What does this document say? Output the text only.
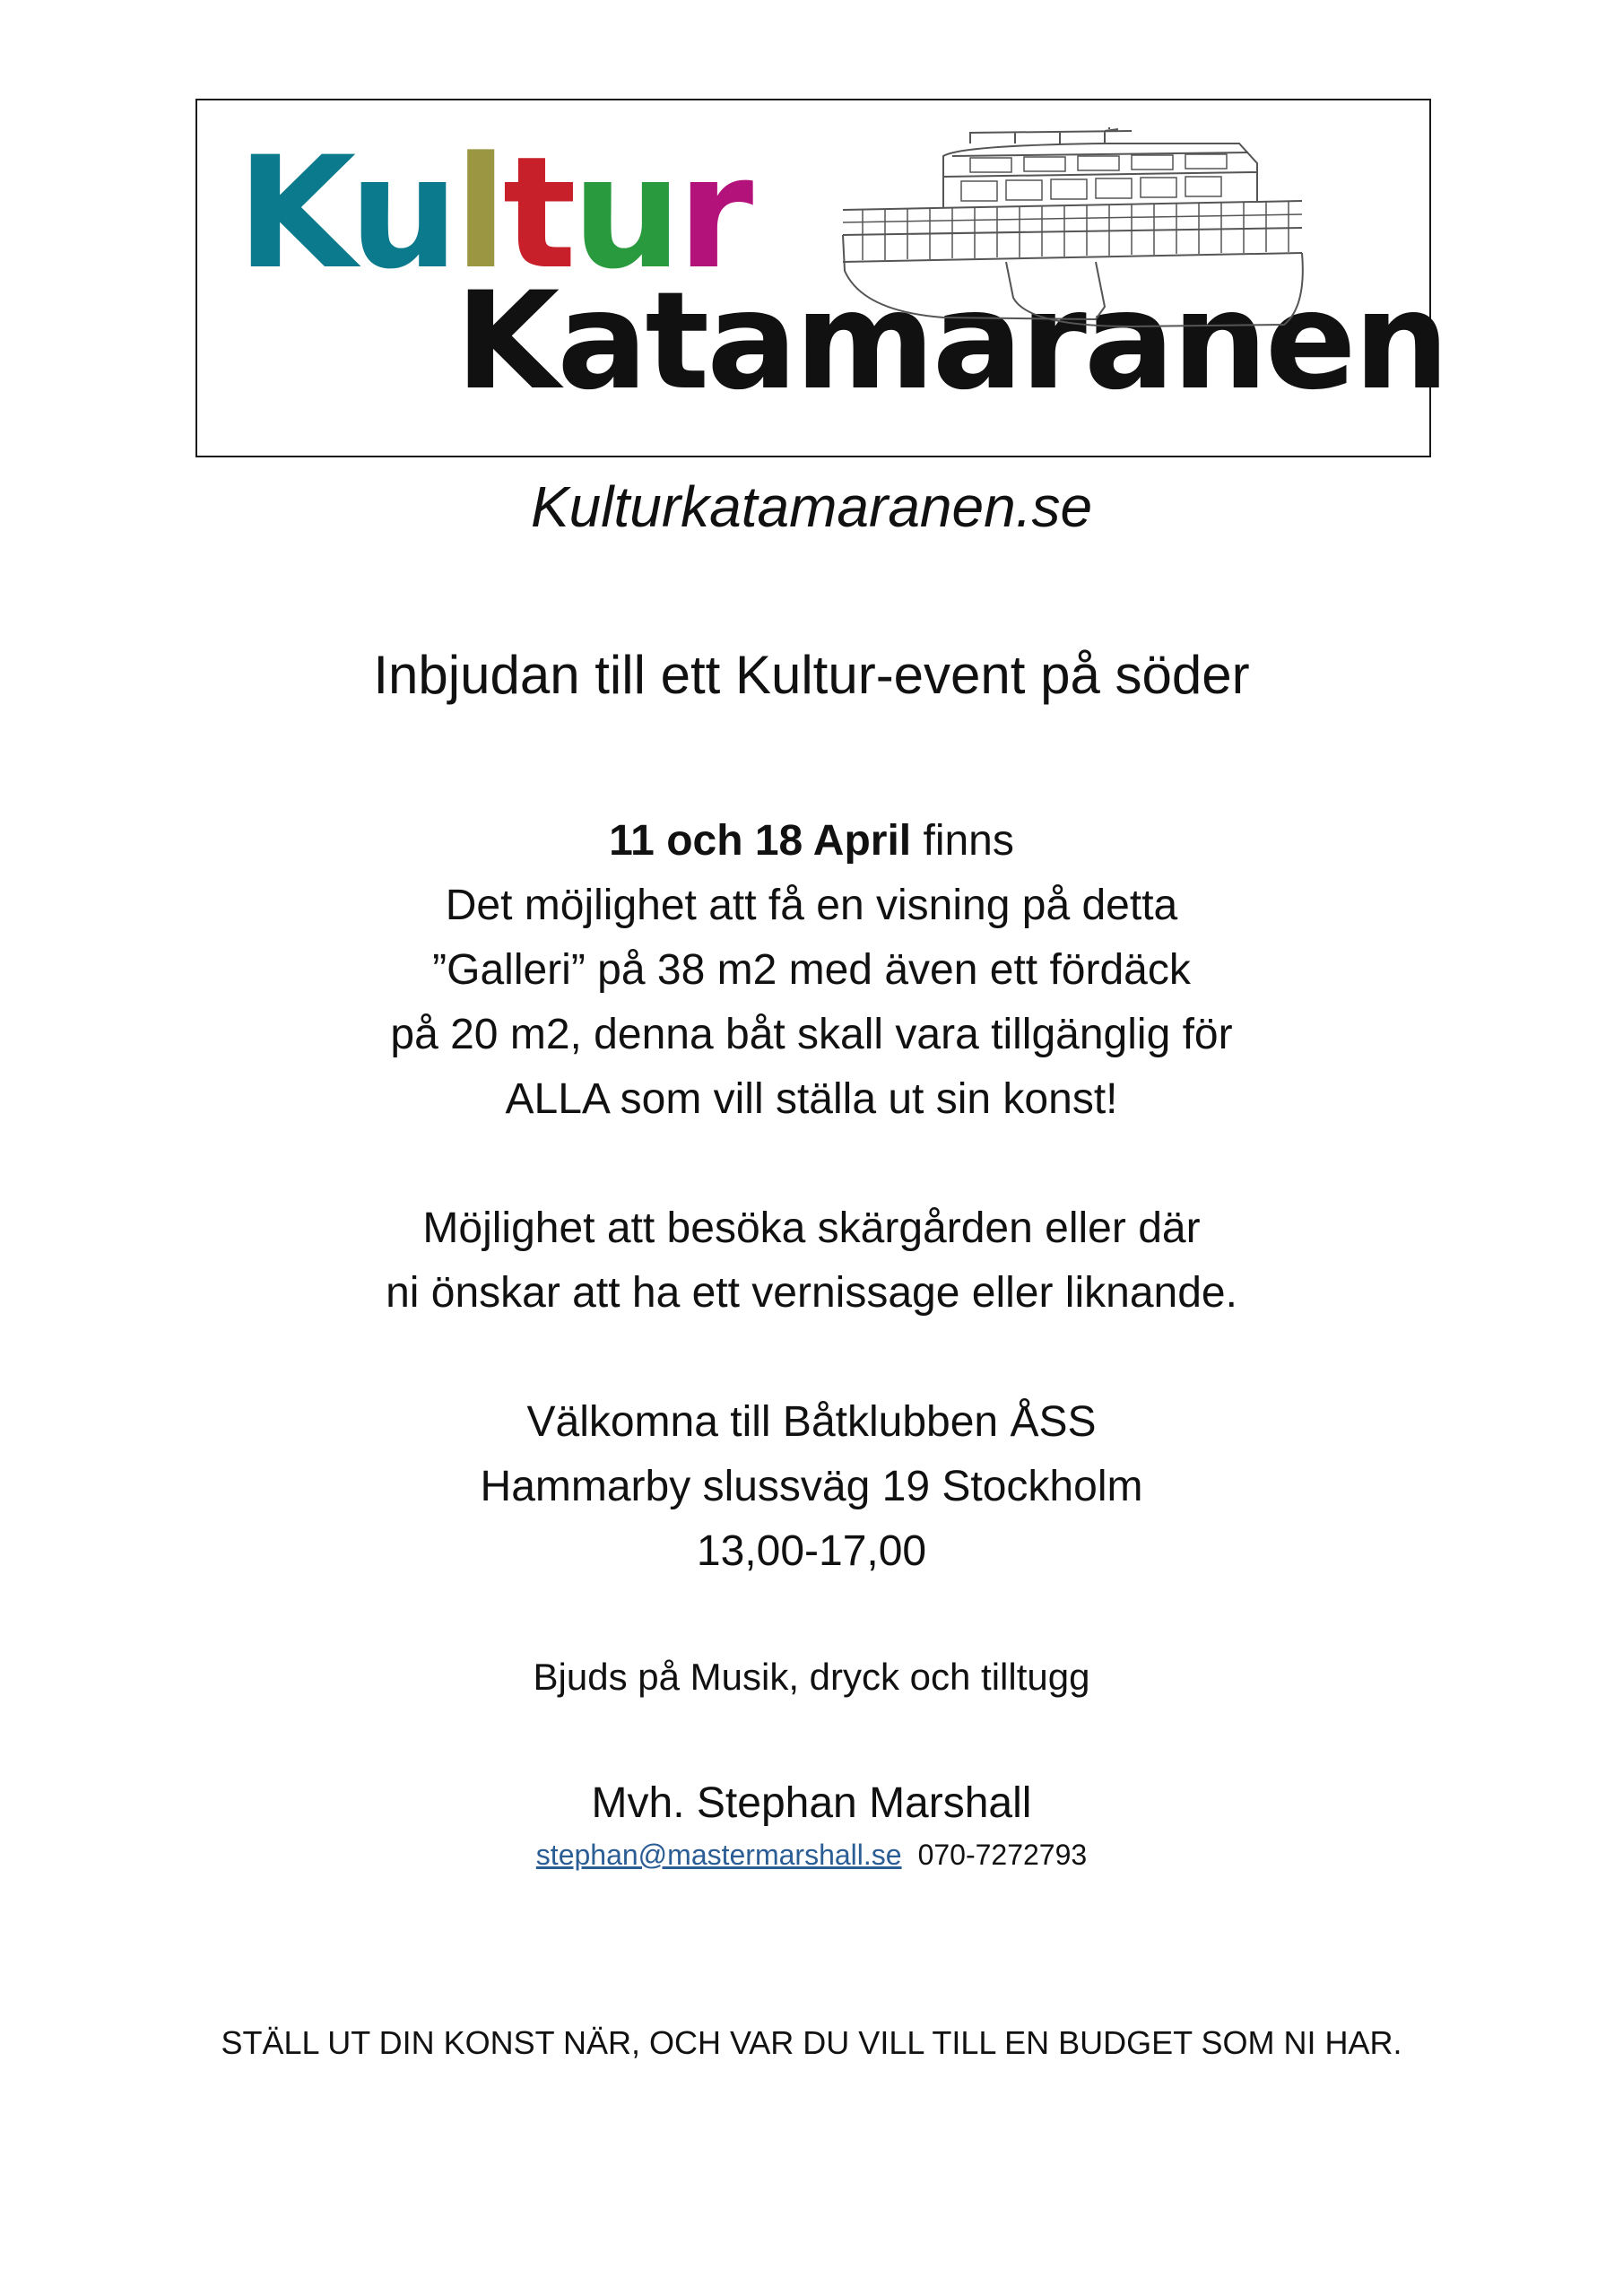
Kultur
Katamaranen
Kulturkatamaranen.se
Inbjudan till ett Kultur-event på söder
11 och 18 April finns
Det möjlighet att få en visning på detta
”Galleri” på 38 m2 med även ett fördäck
på 20 m2, denna båt skall vara tillgänglig för
ALLA som vill ställa ut sin konst!
Möjlighet att besöka skärgården eller där
ni önskar att ha ett vernissage eller liknande.
Välkomna till Båtklubben ÅSS
Hammarby slussväg 19 Stockholm
13,00-17,00
Bjuds på Musik, dryck och tilltugg
Mvh. Stephan Marshall
stephan@mastermarshall.se 070-7272793
STÄLL UT DIN KONST NÄR, OCH VAR DU VILL TILL EN BUDGET SOM NI HAR.
